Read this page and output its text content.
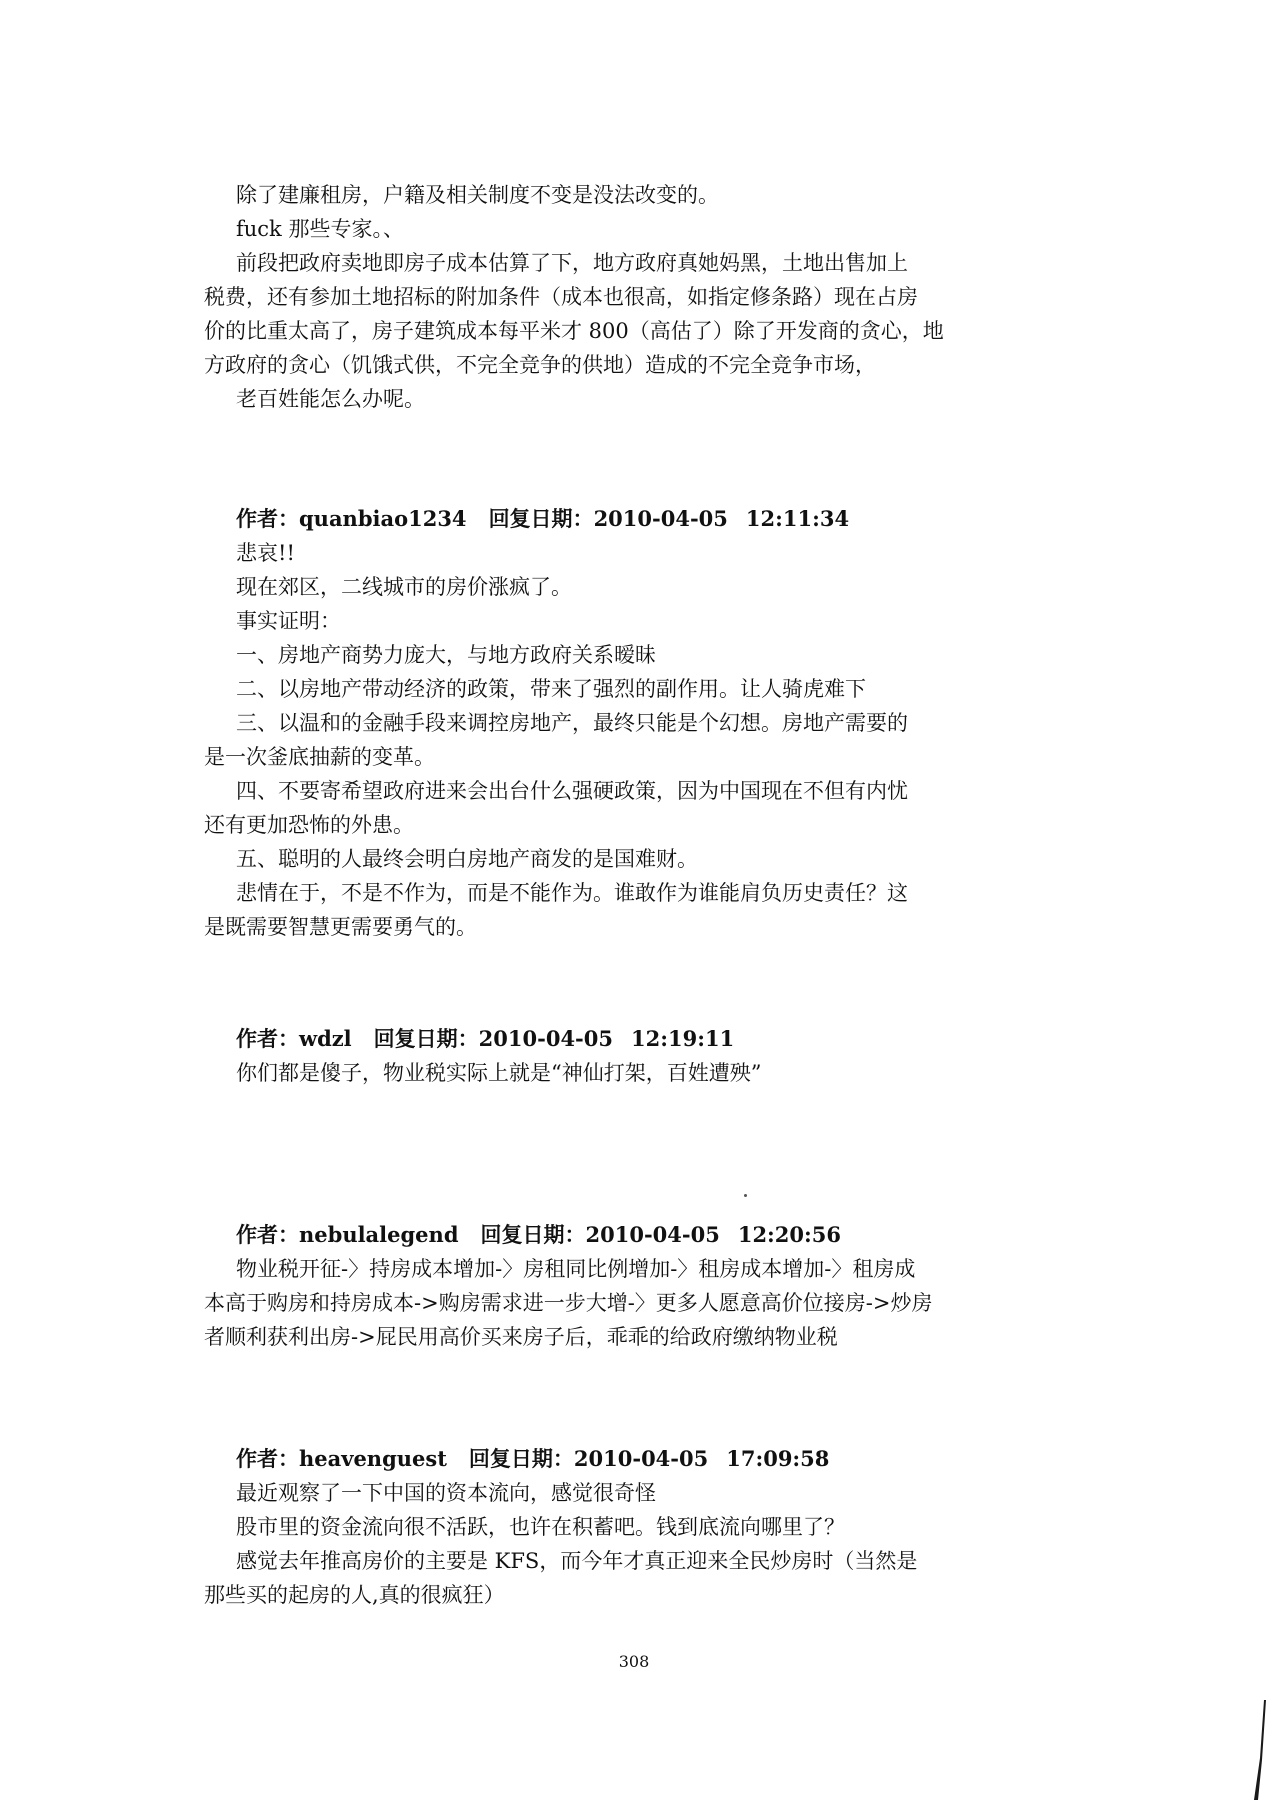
除了建廉租房，户籍及相关制度不变是没法改变的。
fuck 那些专家。、
前段把政府卖地即房子成本估算了下，地方政府真她妈黑，土地出售加上
税费，还有参加土地招标的附加条件（成本也很高，如指定修条路）现在占房
价的比重太高了，房子建筑成本每平米才 800（高估了）除了开发商的贪心，地
方政府的贪心（饥饿式供，不完全竞争的供地）造成的不完全竞争市场，
老百姓能怎么办呢。
作者：quanbiao1234 回复日期：2010-04-05 12:11:34
悲哀!!
现在郊区，二线城市的房价涨疯了。
事实证明：
一、房地产商势力庞大，与地方政府关系暧昧
二、以房地产带动经济的政策，带来了强烈的副作用。让人骑虎难下
三、以温和的金融手段来调控房地产，最终只能是个幻想。房地产需要的
是一次釜底抽薪的变革。
四、不要寄希望政府进来会出台什么强硬政策，因为中国现在不但有内忧
还有更加恐怖的外患。
五、聪明的人最终会明白房地产商发的是国难财。
悲情在于，不是不作为，而是不能作为。谁敢作为谁能肩负历史责任？这
是既需要智慧更需要勇气的。
作者：wdzl 回复日期：2010-04-05 12:19:11
你们都是傻子，物业税实际上就是“神仙打架，百姓遭殃”
作者：nebulalegend 回复日期：2010-04-05 12:20:56
物业税开征-〉持房成本增加-〉房租同比例增加-〉租房成本增加-〉租房成
本高于购房和持房成本->购房需求进一步大增-〉更多人愿意高价位接房->炒房
者顺利获利出房->屁民用高价买来房子后，乖乖的给政府缴纳物业税
作者：heavenguest 回复日期：2010-04-05 17:09:58
最近观察了一下中国的资本流向，感觉很奇怪
股市里的资金流向很不活跃，也许在积蓄吧。钱到底流向哪里了？
感觉去年推高房价的主要是 KFS，而今年才真正迎来全民炒房时（当然是
那些买的起房的人,真的很疯狂）
308
